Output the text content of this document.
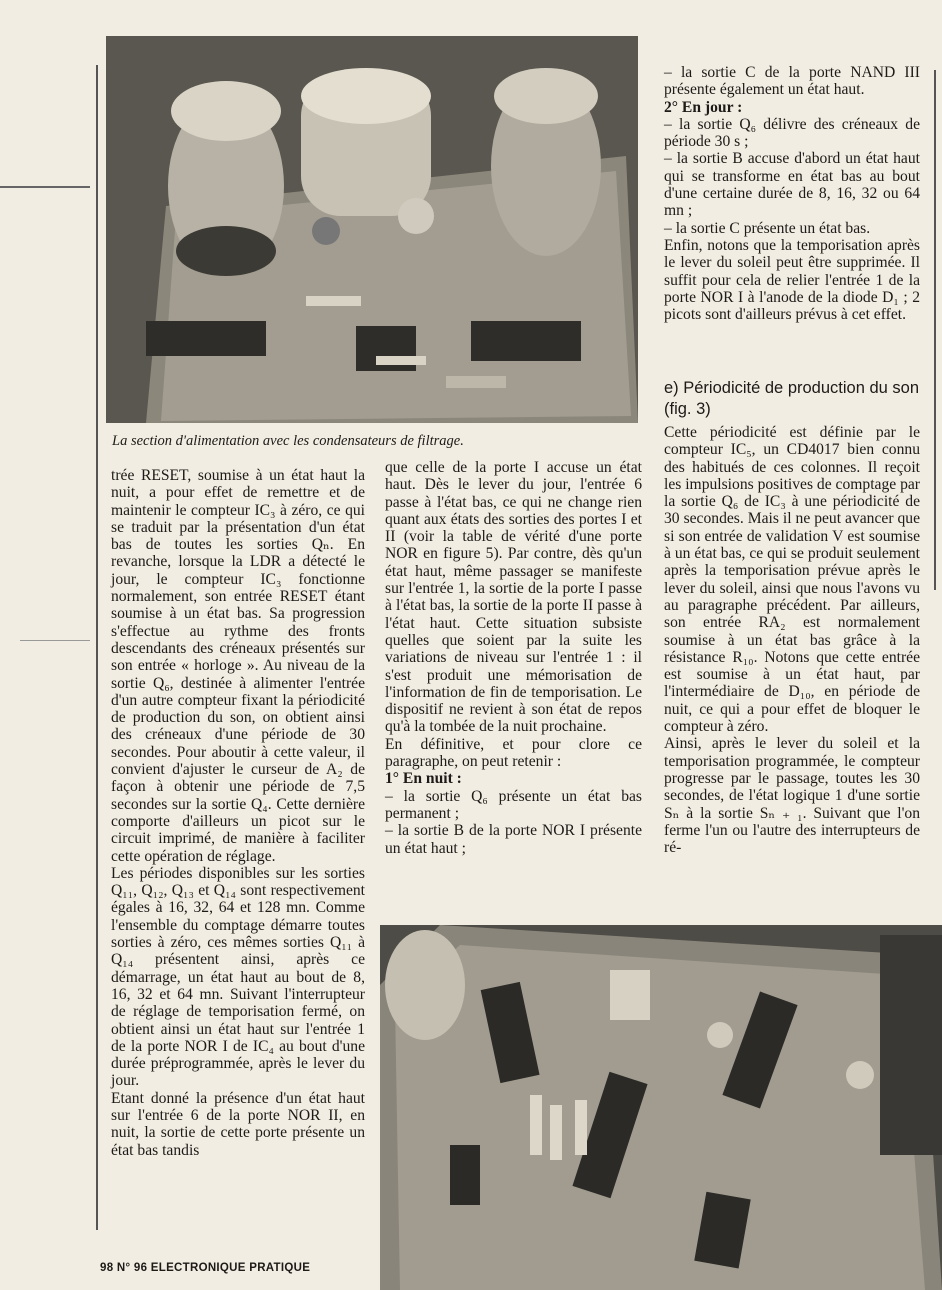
La section d'alimentation avec les condensateurs de filtrage.

trée RESET, soumise à un état haut la nuit, a pour effet de remettre et de maintenir le compteur IC₃ à zéro, ce qui se traduit par la présentation d'un état bas de toutes les sorties Qₙ. En revanche, lorsque la LDR a détecté le jour, le compteur IC₃ fonctionne normalement, son entrée RESET étant soumise à un état bas. Sa progression s'effectue au rythme des fronts descendants des créneaux présentés sur son entrée « horloge ». Au niveau de la sortie Q₆, destinée à alimenter l'entrée d'un autre compteur fixant la périodicité de production du son, on obtient ainsi des créneaux d'une période de 30 secondes. Pour aboutir à cette valeur, il convient d'ajuster le curseur de A₂ de façon à obtenir une période de 7,5 secondes sur la sortie Q₄. Cette dernière comporte d'ailleurs un picot sur le circuit imprimé, de manière à faciliter cette opération de réglage.

Les périodes disponibles sur les sorties Q₁₁, Q₁₂, Q₁₃ et Q₁₄ sont respectivement égales à 16, 32, 64 et 128 mn. Comme l'ensemble du comptage démarre toutes sorties à zéro, ces mêmes sorties Q₁₁ à Q₁₄ présentent ainsi, après ce démarrage, un état haut au bout de 8, 16, 32 et 64 mn. Suivant l'interrupteur de réglage de temporisation fermé, on obtient ainsi un état haut sur l'entrée 1 de la porte NOR I de IC₄ au bout d'une durée préprogrammée, après le lever du jour.

Etant donné la présence d'un état haut sur l'entrée 6 de la porte NOR II, en nuit, la sortie de cette porte présente un état bas tandis

que celle de la porte I accuse un état haut. Dès le lever du jour, l'entrée 6 passe à l'état bas, ce qui ne change rien quant aux états des sorties des portes I et II (voir la table de vérité d'une porte NOR en figure 5). Par contre, dès qu'un état haut, même passager se manifeste sur l'entrée 1, la sortie de la porte I passe à l'état bas, la sortie de la porte II passe à l'état haut. Cette situation subsiste quelles que soient par la suite les variations de niveau sur l'entrée 1 : il s'est produit une mémorisation de l'information de fin de temporisation. Le dispositif ne revient à son état de repos qu'à la tombée de la nuit prochaine.

En définitive, et pour clore ce paragraphe, on peut retenir :

1° En nuit :

– la sortie Q₆ présente un état bas permanent ;

– la sortie B de la porte NOR I présente un état haut ;

– la sortie C de la porte NAND III présente également un état haut.

2° En jour :

– la sortie Q₆ délivre des créneaux de période 30 s ;

– la sortie B accuse d'abord un état haut qui se transforme en état bas au bout d'une certaine durée de 8, 16, 32 ou 64 mn ;

– la sortie C présente un état bas.

Enfin, notons que la temporisation après le lever du soleil peut être supprimée. Il suffit pour cela de relier l'entrée 1 de la porte NOR I à l'anode de la diode D₁ ; 2 picots sont d'ailleurs prévus à cet effet.

e) Périodicité de production du son (fig. 3)

Cette périodicité est définie par le compteur IC₅, un CD4017 bien connu des habitués de ces colonnes. Il reçoit les impulsions positives de comptage par la sortie Q₆ de IC₃ à une périodicité de 30 secondes. Mais il ne peut avancer que si son entrée de validation V est soumise à un état bas, ce qui se produit seulement après la temporisation prévue après le lever du soleil, ainsi que nous l'avons vu au paragraphe précédent. Par ailleurs, son entrée RA₂ est normalement soumise à un état bas grâce à la résistance R₁₀. Notons que cette entrée est soumise à un état haut, par l'intermédiaire de D₁₀, en période de nuit, ce qui a pour effet de bloquer le compteur à zéro.

Ainsi, après le lever du soleil et la temporisation programmée, le compteur progresse par le passage, toutes les 30 secondes, de l'état logique 1 d'une sortie Sₙ à la sortie Sₙ ₊ ₁. Suivant que l'on ferme l'un ou l'autre des interrupteurs de ré-

98 N° 96 ELECTRONIQUE PRATIQUE
